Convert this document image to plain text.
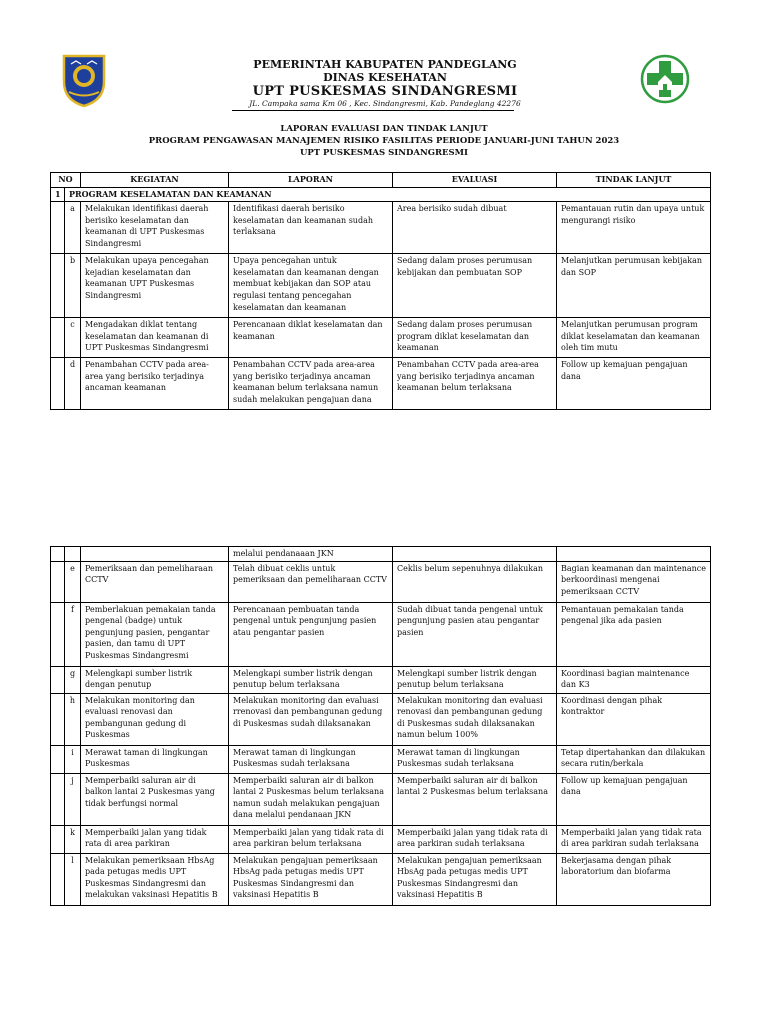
PEMERINTAH KABUPATEN PANDEGLANG
DINAS KESEHATAN
UPT PUSKESMAS SINDANGRESMI
JL. Campaka sama Km 06 , Kec. Sindangresmi, Kab. Pandeglang 42276
LAPORAN EVALUASI DAN TINDAK LANJUT
PROGRAM PENGAWASAN MANAJEMEN RISIKO FASILITAS PERIODE JANUARI-JUNI TAHUN 2023
UPT PUSKESMAS SINDANGRESMI
NO		KEGIATAN	LAPORAN	EVALUASI	TINDAK LANJUT
1	PROGRAM KESELAMATAN DAN KEAMANAN				
	a	Melakukan identifikasi daerah berisiko keselamatan dan keamanan di UPT Puskesmas Sindangresmi	Identifikasi daerah berisiko keselamatan dan keamanan sudah terlaksana	Area berisiko sudah dibuat	Pemantauan rutin dan upaya untuk mengurangi risiko
	b	Melakukan upaya pencegahan kejadian keselamatan dan keamanan UPT Puskesmas Sindangresmi	Upaya pencegahan untuk keselamatan dan keamanan dengan membuat kebijakan dan SOP atau regulasi tentang pencegahan keselamatan dan keamanan	Sedang dalam proses perumusan kebijakan dan pembuatan SOP	Melanjutkan perumusan kebijakan dan SOP
	c	Mengadakan diklat tentang keselamatan dan keamanan di UPT Puskesmas Sindangresmi	Perencanaan diklat keselamatan dan keamanan	Sedang dalam proses perumusan program diklat keselamatan dan keamanan	Melanjutkan perumusan program diklat keselamatan dan keamanan oleh tim mutu
	d	Penambahan CCTV pada area-area yang berisiko terjadinya ancaman keamanan	Penambahan CCTV pada area-area yang berisiko terjadinya ancaman keamanan belum terlaksana namun sudah melakukan pengajuan dana	Penambahan CCTV pada area-area yang berisiko terjadinya ancaman keamanan belum terlaksana	Follow up kemajuan pengajuan dana
			melalui pendanaaan JKN		
	e	Pemeriksaan dan pemeliharaan CCTV	Telah dibuat ceklis untuk pemeriksaan dan pemeliharaan CCTV	Ceklis belum sepenuhnya dilakukan	Bagian keamanan dan maintenance berkoordinasi mengenai pemeriksaan CCTV
	f	Pemberlakuan pemakaian tanda pengenal (badge) untuk pengunjung pasien, pengantar pasien, dan tamu di UPT Puskesmas Sindangresmi	Perencanaan pembuatan tanda pengenal untuk pengunjung pasien atau pengantar pasien	Sudah dibuat tanda pengenal untuk pengunjung pasien atau pengantar pasien	Pemantauan pemakaian tanda pengenal jika ada pasien
	g	Melengkapi sumber listrik dengan penutup	Melengkapi sumber listrik dengan penutup belum terlaksana	Melengkapi sumber listrik dengan penutup belum terlaksana	Koordinasi bagian maintenance dan K3
	h	Melakukan monitoring dan evaluasi renovasi dan pembangunan gedung di Puskesmas	Melakukan monitoring dan evaluasi rrenovasi dan pembangunan gedung di Puskesmas sudah dilaksanakan	Melakukan monitoring dan evaluasi renovasi dan pembangunan gedung di Puskesmas sudah dilaksanakan namun belum 100%	Koordinasi dengan pihak kontraktor
	i	Merawat taman di lingkungan Puskesmas	Merawat taman di lingkungan Puskesmas sudah terlaksana	Merawat taman di lingkungan Puskesmas sudah terlaksana	Tetap dipertahankan dan dilakukan secara rutin/berkala
	j	Memperbaiki saluran air di balkon lantai 2 Puskesmas yang tidak berfungsi normal	Memperbaiki saluran air di balkon lantai 2 Puskesmas belum terlaksana namun sudah melakukan pengajuan dana melalui pendanaan JKN	Memperbaiki saluran air di balkon lantai 2 Puskesmas belum terlaksana	Follow up kemajuan pengajuan dana
	k	Memperbaiki jalan yang tidak rata di area parkiran	Memperbaiki jalan yang tidak rata di area parkiran belum terlaksana	Memperbaiki jalan yang tidak rata di area parkiran sudah terlaksana	Memperbaiki jalan yang tidak rata di area parkiran sudah terlaksana
	l	Melakukan pemeriksaan HbsAg pada petugas medis UPT Puskesmas Sindangresmi dan melakukan vaksinasi Hepatitis B	Melakukan pengajuan pemeriksaan HbsAg pada petugas medis UPT Puskesmas Sindangresmi dan vaksinasi Hepatitis B	Melakukan pengajuan pemeriksaan HbsAg pada petugas medis UPT Puskesmas Sindangresmi dan vaksinasi Hepatitis B	Bekerjasama dengan pihak laboratorium dan biofarma
